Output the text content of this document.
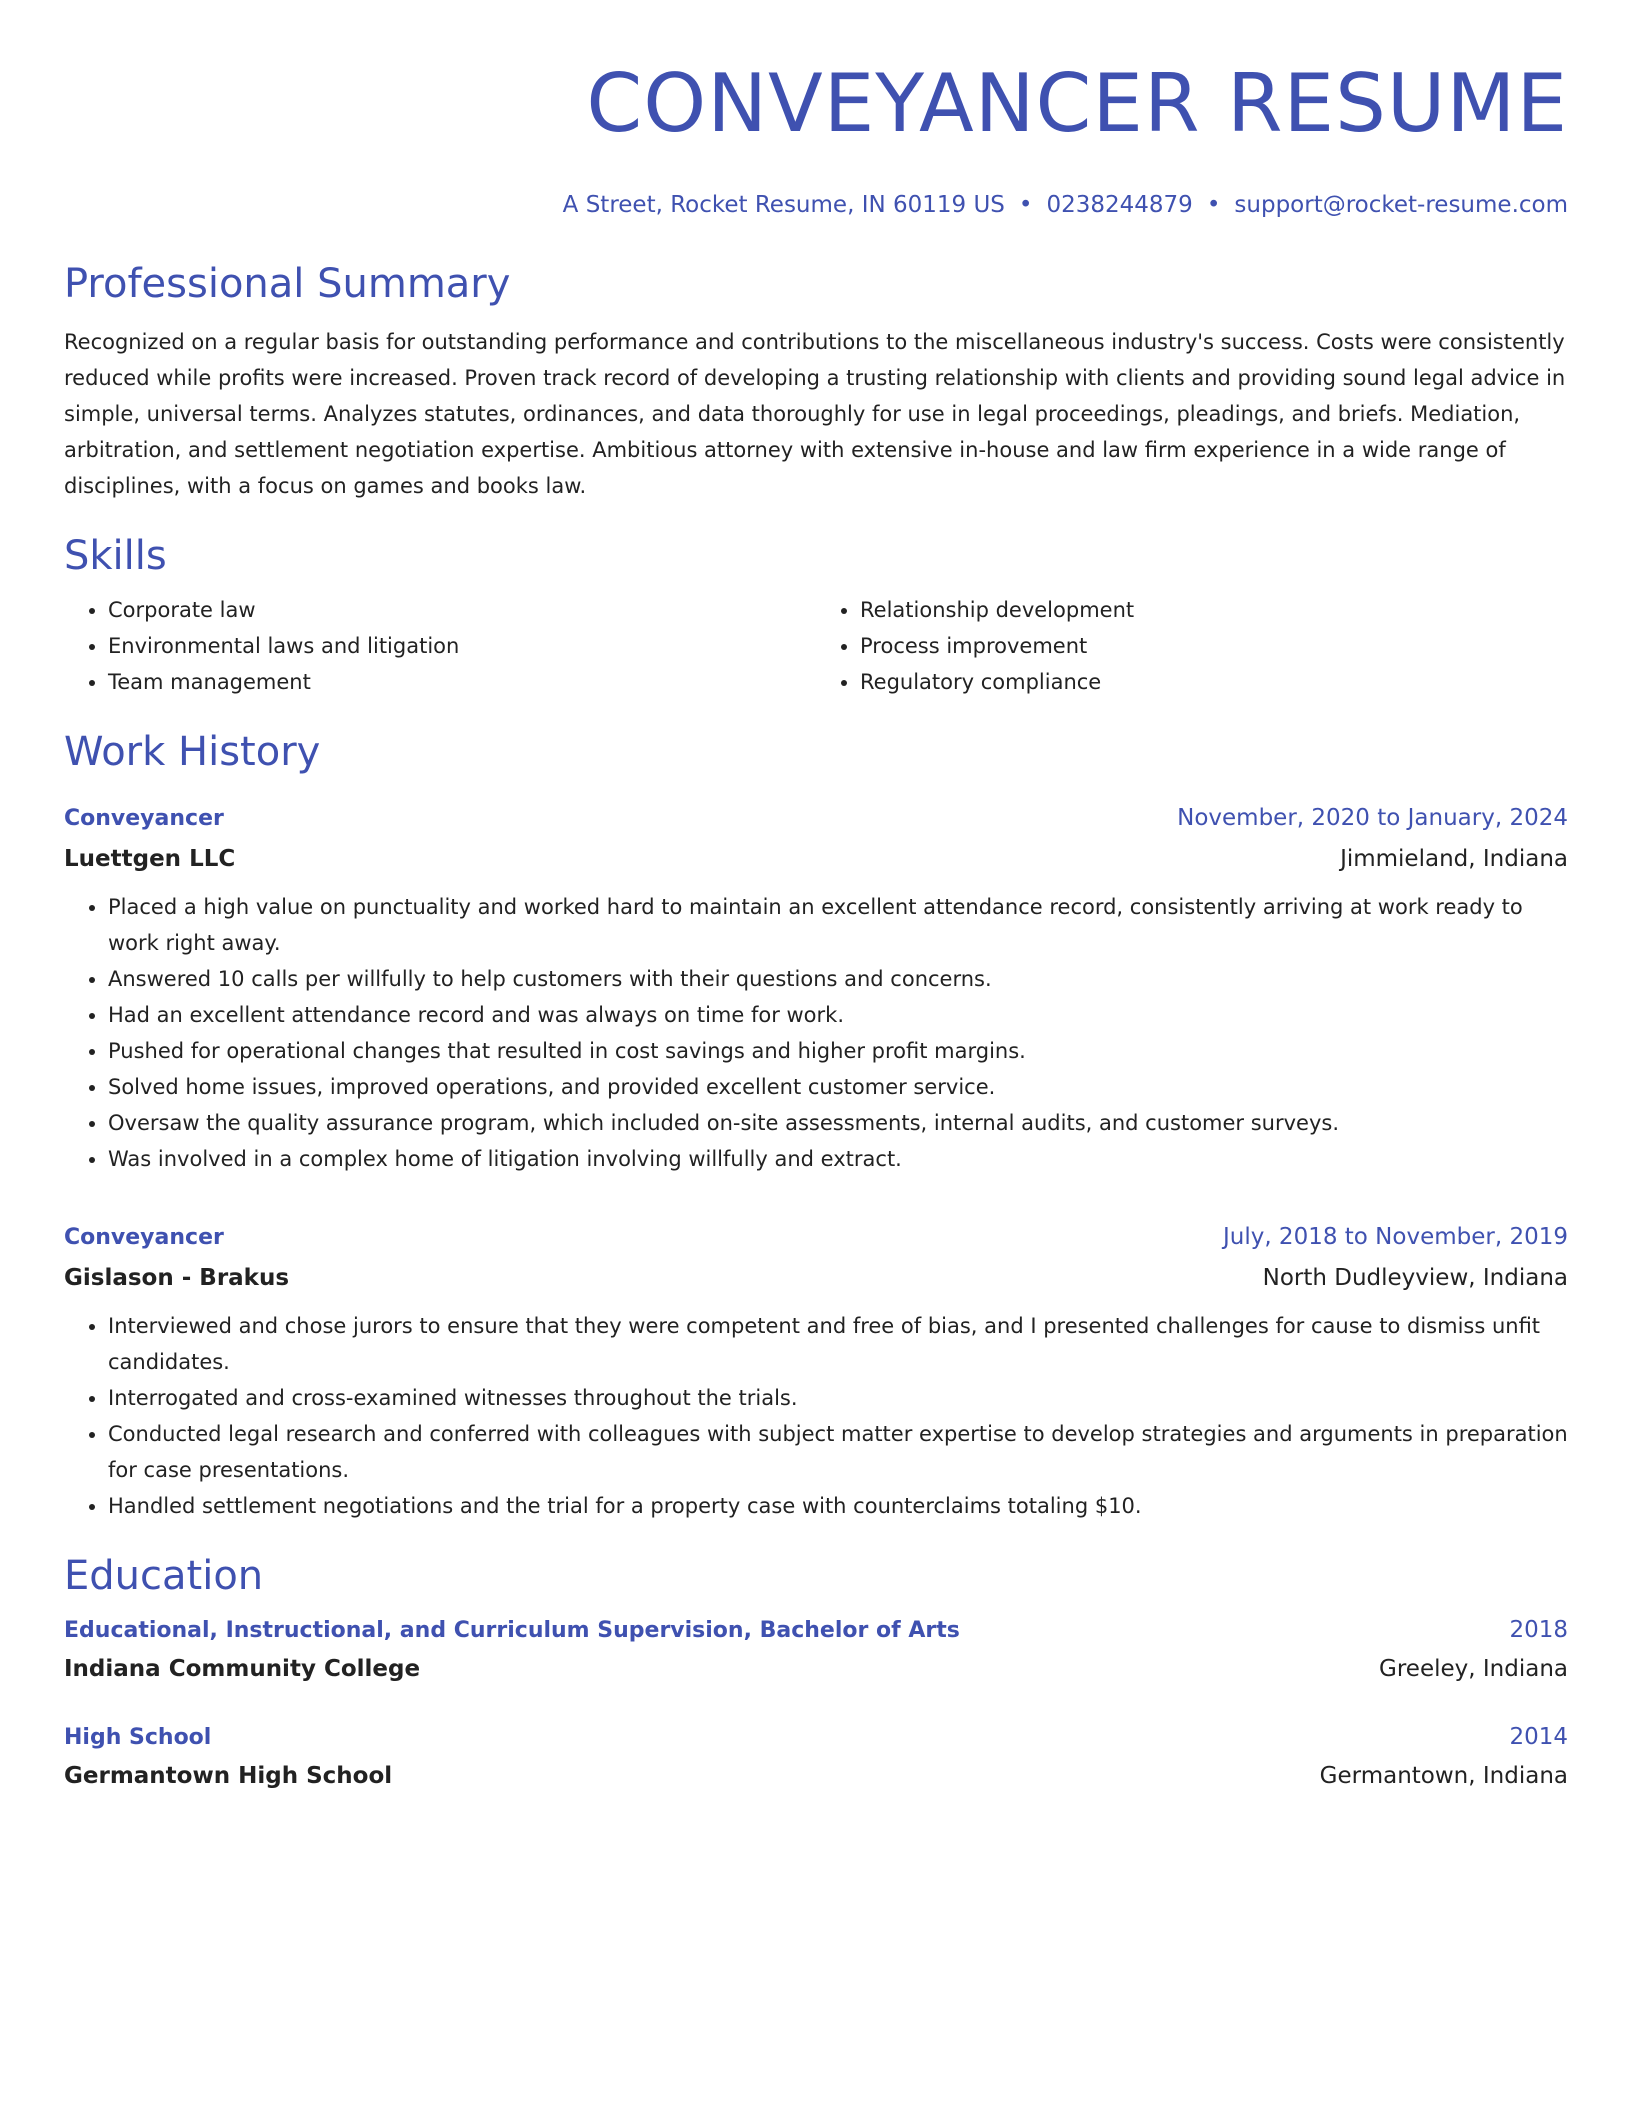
CONVEYANCER RESUME
A Street, Rocket Resume, IN 60119 US • 0238244879 • support@rocket-resume.com
Professional Summary

Recognized on a regular basis for outstanding performance and contributions to the miscellaneous industry's success. Costs were consistently reduced while profits were increased. Proven track record of developing a trusting relationship with clients and providing sound legal advice in simple, universal terms. Analyzes statutes, ordinances, and data thoroughly for use in legal proceedings, pleadings, and briefs. Mediation, arbitration, and settlement negotiation expertise. Ambitious attorney with extensive in-house and law firm experience in a wide range of disciplines, with a focus on games and books law.

Skills
• Corporate law
• Environmental laws and litigation
• Team management
• Relationship development
• Process improvement
• Regulatory compliance
Work History
Conveyancer	November, 2020 to January, 2024
Luettgen LLC	Jimmieland, Indiana
• Placed a high value on punctuality and worked hard to maintain an excellent attendance record, consistently arriving at work ready to work right away.
• Answered 10 calls per willfully to help customers with their questions and concerns.
• Had an excellent attendance record and was always on time for work.
• Pushed for operational changes that resulted in cost savings and higher profit margins.
• Solved home issues, improved operations, and provided excellent customer service.
• Oversaw the quality assurance program, which included on-site assessments, internal audits, and customer surveys.
• Was involved in a complex home of litigation involving willfully and extract.
Conveyancer	July, 2018 to November, 2019
Gislason - Brakus	North Dudleyview, Indiana
• Interviewed and chose jurors to ensure that they were competent and free of bias, and I presented challenges for cause to dismiss unfit candidates.
• Interrogated and cross-examined witnesses throughout the trials.
• Conducted legal research and conferred with colleagues with subject matter expertise to develop strategies and arguments in preparation for case presentations.
• Handled settlement negotiations and the trial for a property case with counterclaims totaling $10.
Education
Educational, Instructional, and Curriculum Supervision, Bachelor of Arts	2018
Indiana Community College	Greeley, Indiana
High School	2014
Germantown High School	Germantown, Indiana
